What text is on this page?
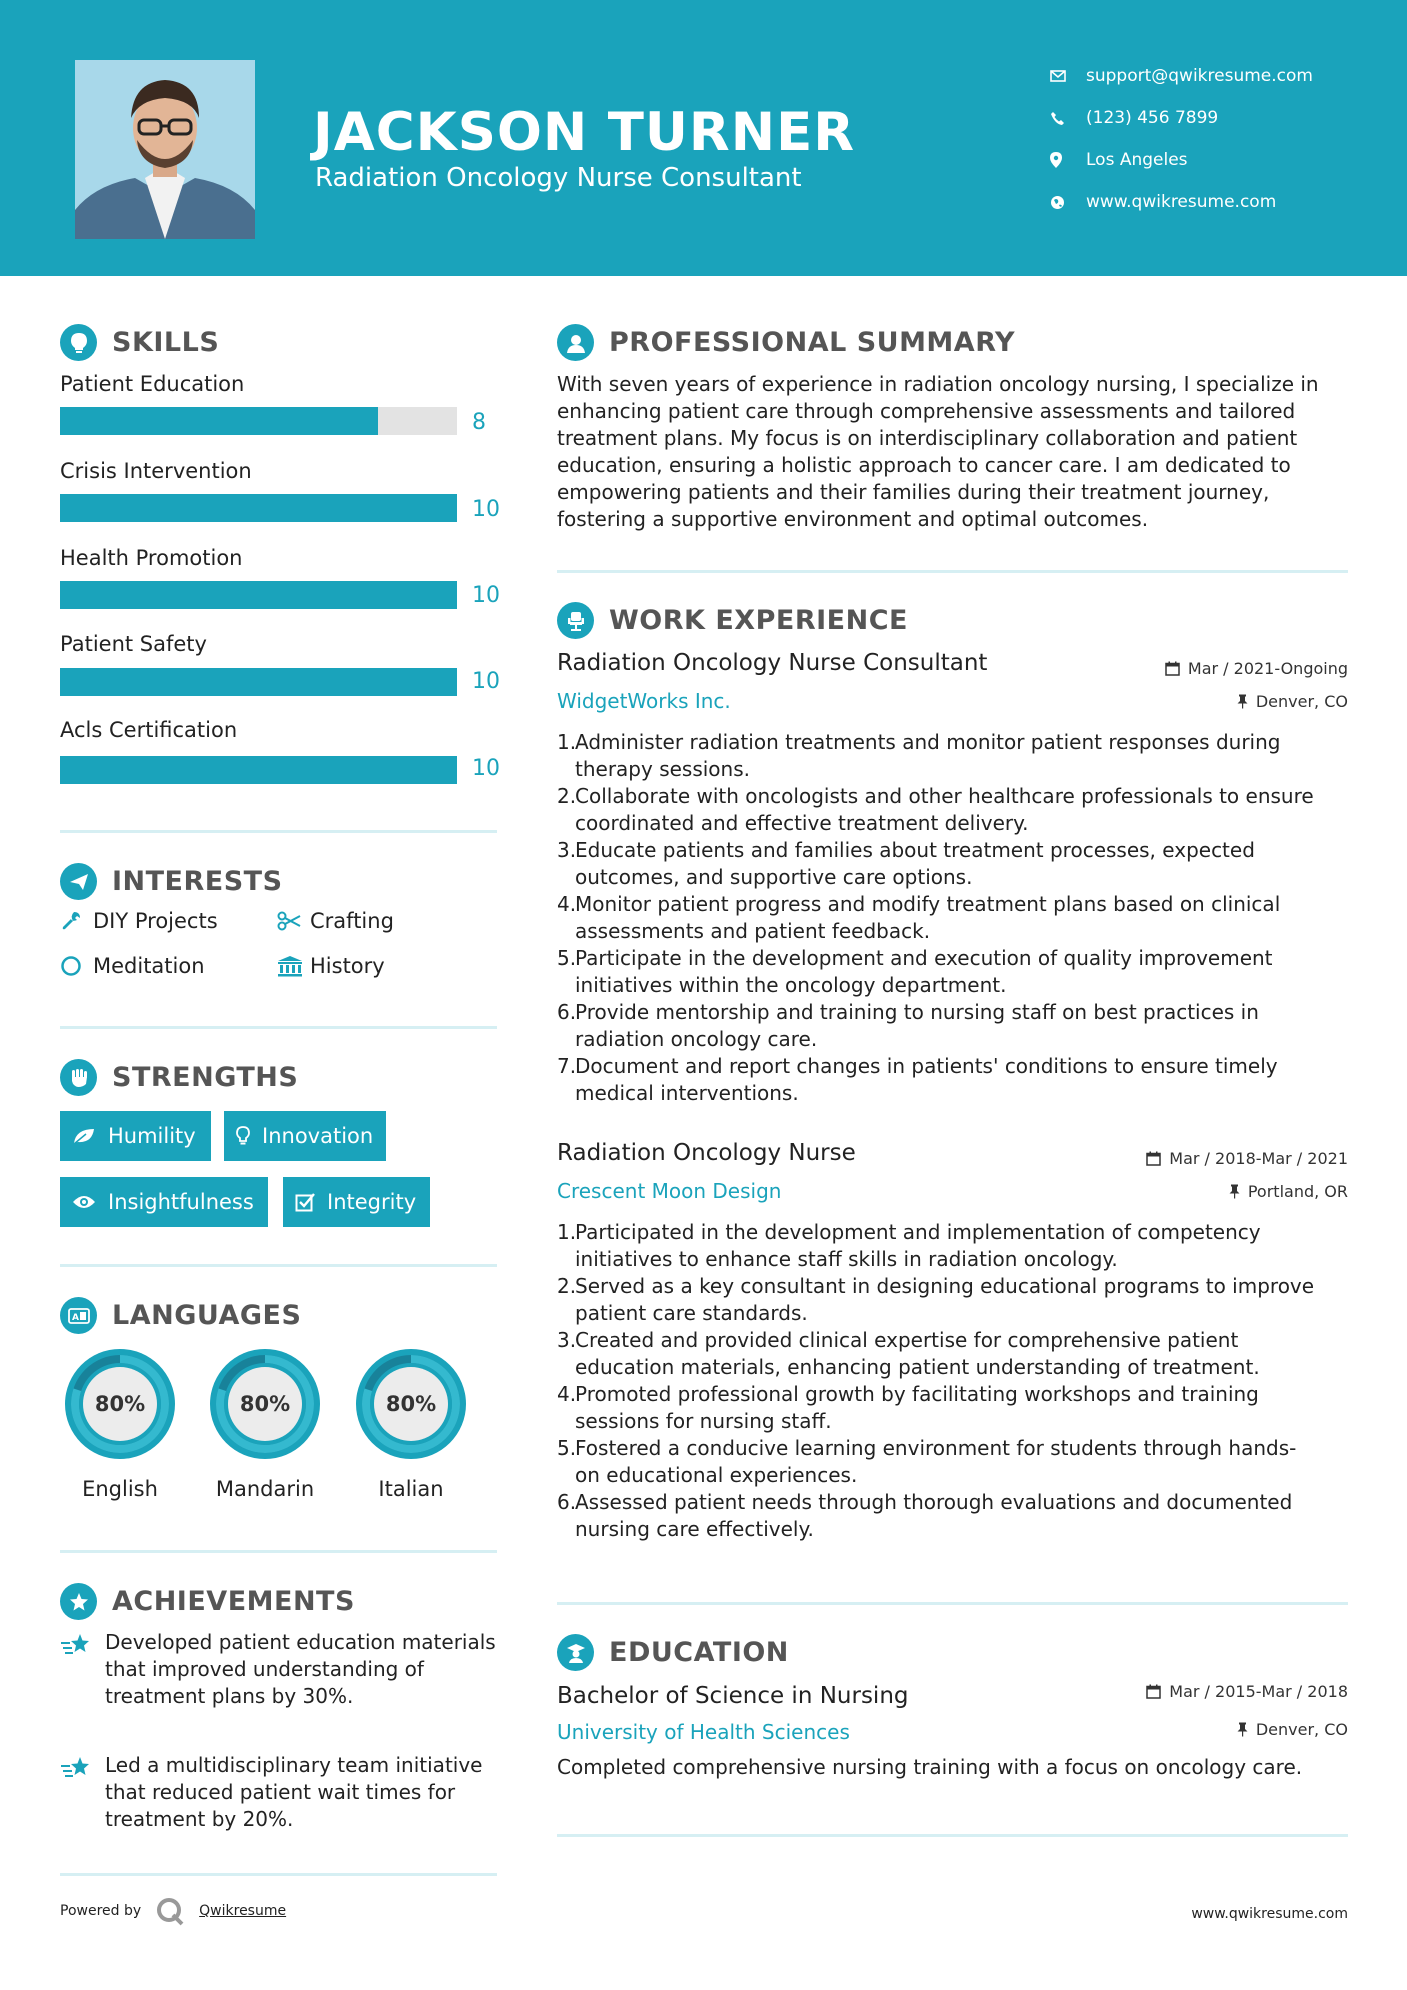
JACKSON TURNER
Radiation Oncology Nurse Consultant
support@qwikresume.com
(123) 456 7899
Los Angeles
www.qwikresume.com
SKILLS
Patient Education
8
Crisis Intervention
10
Health Promotion
10
Patient Safety
10
Acls Certification
10
INTERESTS
DIY Projects	Crafting
Meditation	History
STRENGTHS
Humility	Innovation
Insightfulness	Integrity
A LANGUAGES
80%
English
80%
Mandarin
80%
Italian
ACHIEVEMENTS
Developed patient education materials that improved understanding of treatment plans by 30%.
Led a multidisciplinary team initiative that reduced patient wait times for treatment by 20%.
PROFESSIONAL SUMMARY
With seven years of experience in radiation oncology nursing, I specialize in enhancing patient care through comprehensive assessments and tailored treatment plans. My focus is on interdisciplinary collaboration and patient education, ensuring a holistic approach to cancer care. I am dedicated to empowering patients and their families during their treatment journey, fostering a supportive environment and optimal outcomes.
WORK EXPERIENCE
Radiation Oncology Nurse Consultant	Mar / 2021-Ongoing
WidgetWorks Inc.	Denver, CO
1.
Administer radiation treatments and monitor patient responses during
therapy sessions.
2.
Collaborate with oncologists and other healthcare professionals to ensure
coordinated and effective treatment delivery.
3.
Educate patients and families about treatment processes, expected
outcomes, and supportive care options.
4.
Monitor patient progress and modify treatment plans based on clinical
assessments and patient feedback.
5.
Participate in the development and execution of quality improvement
initiatives within the oncology department.
6.
Provide mentorship and training to nursing staff on best practices in
radiation oncology care.
7.
Document and report changes in patients' conditions to ensure timely
medical interventions.
Radiation Oncology Nurse	Mar / 2018-Mar / 2021
Crescent Moon Design	Portland, OR
1.
Participated in the development and implementation of competency
initiatives to enhance staff skills in radiation oncology.
2.
Served as a key consultant in designing educational programs to improve
patient care standards.
3.
Created and provided clinical expertise for comprehensive patient
education materials, enhancing patient understanding of treatment.
4.
Promoted professional growth by facilitating workshops and training
sessions for nursing staff.
5.
Fostered a conducive learning environment for students through hands-
on educational experiences.
6.
Assessed patient needs through thorough evaluations and documented
nursing care effectively.
EDUCATION
Bachelor of Science in Nursing	Mar / 2015-Mar / 2018
University of Health Sciences	Denver, CO
Completed comprehensive nursing training with a focus on oncology care.
Powered by	Qwikresume	www.qwikresume.com
